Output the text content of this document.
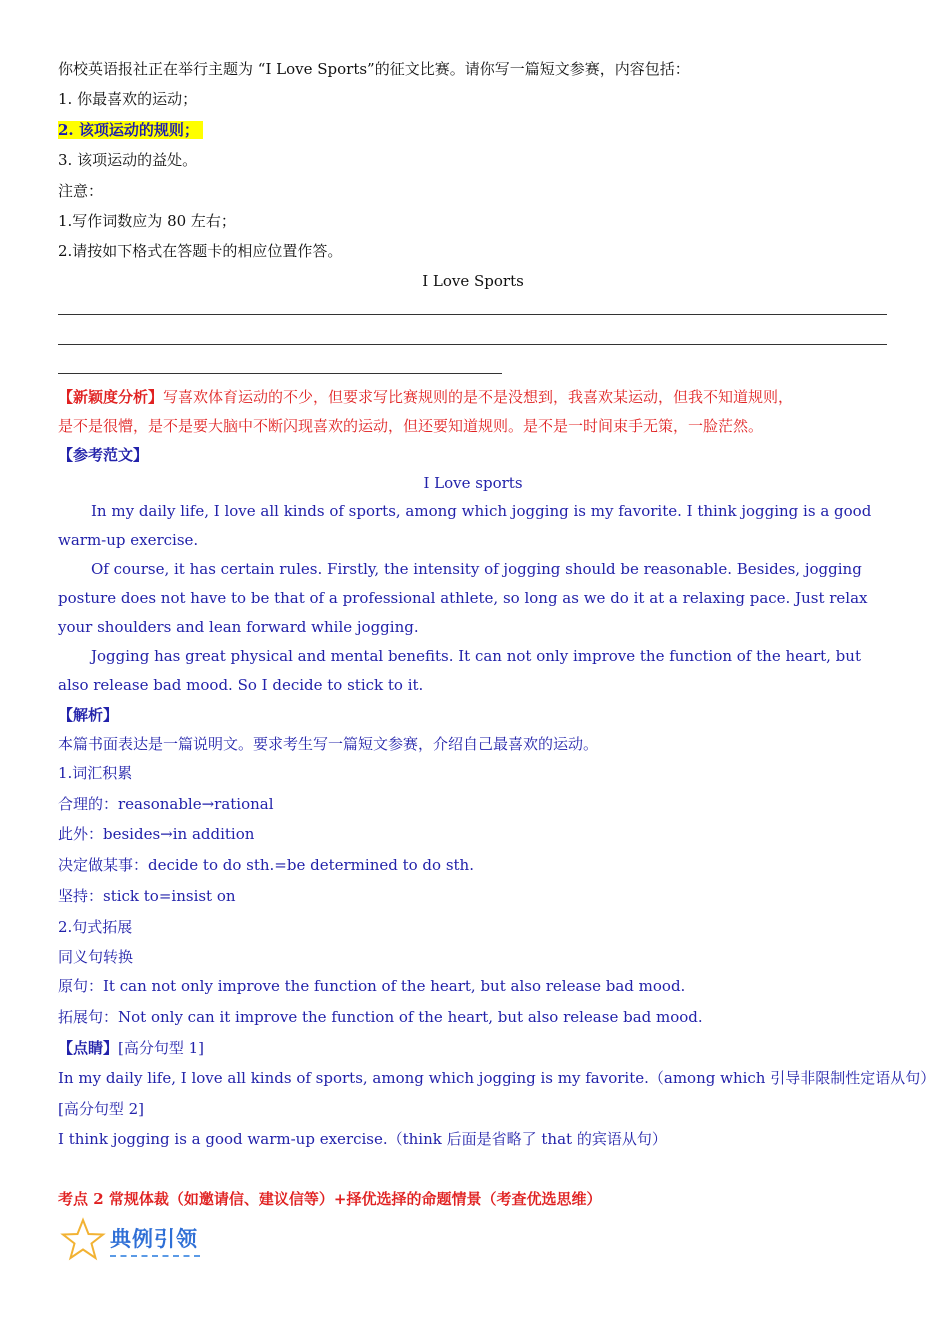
你校英语报社正在举行主题为 “I Love Sports”的征文比赛。请你写一篇短文参赛，内容包括：
1. 你最喜欢的运动；
2. 该项运动的规则；
3. 该项运动的益处。
注意：
1.写作词数应为 80 左右；
2.请按如下格式在答题卡的相应位置作答。
I Love Sports
【新颖度分析】写喜欢体育运动的不少，但要求写比赛规则的是不是没想到，我喜欢某运动，但我不知道规则，
是不是很懵，是不是要大脑中不断闪现喜欢的运动，但还要知道规则。是不是一时间束手无策，一脸茫然。
【参考范文】
I Love sports
In my daily life, I love all kinds of sports, among which jogging is my favorite. I think jogging is a good warm-up exercise.
Of course, it has certain rules. Firstly, the intensity of jogging should be reasonable. Besides, jogging posture does not have to be that of a professional athlete, so long as we do it at a relaxing pace. Just relax your shoulders and lean forward while jogging.
Jogging has great physical and mental benefits. It can not only improve the function of the heart, but also release bad mood. So I decide to stick to it.
【解析】
本篇书面表达是一篇说明文。要求考生写一篇短文参赛，介绍自己最喜欢的运动。
1.词汇积累
合理的：reasonable→rational
此外：besides→in addition
决定做某事：decide to do sth.=be determined to do sth.
坚持：stick to=insist on
2.句式拓展
同义句转换
原句：It can not only improve the function of the heart, but also release bad mood.
拓展句：Not only can it improve the function of the heart, but also release bad mood.
【点睛】[高分句型 1]
In my daily life, I love all kinds of sports, among which jogging is my favorite.（among which 引导非限制性定语从句）
[高分句型 2]
I think jogging is a good warm-up exercise.（think 后面是省略了 that 的宾语从句）
考点 2 常规体裁（如邀请信、建议信等）+择优选择的命题情景（考查优选思维）
典例引领
